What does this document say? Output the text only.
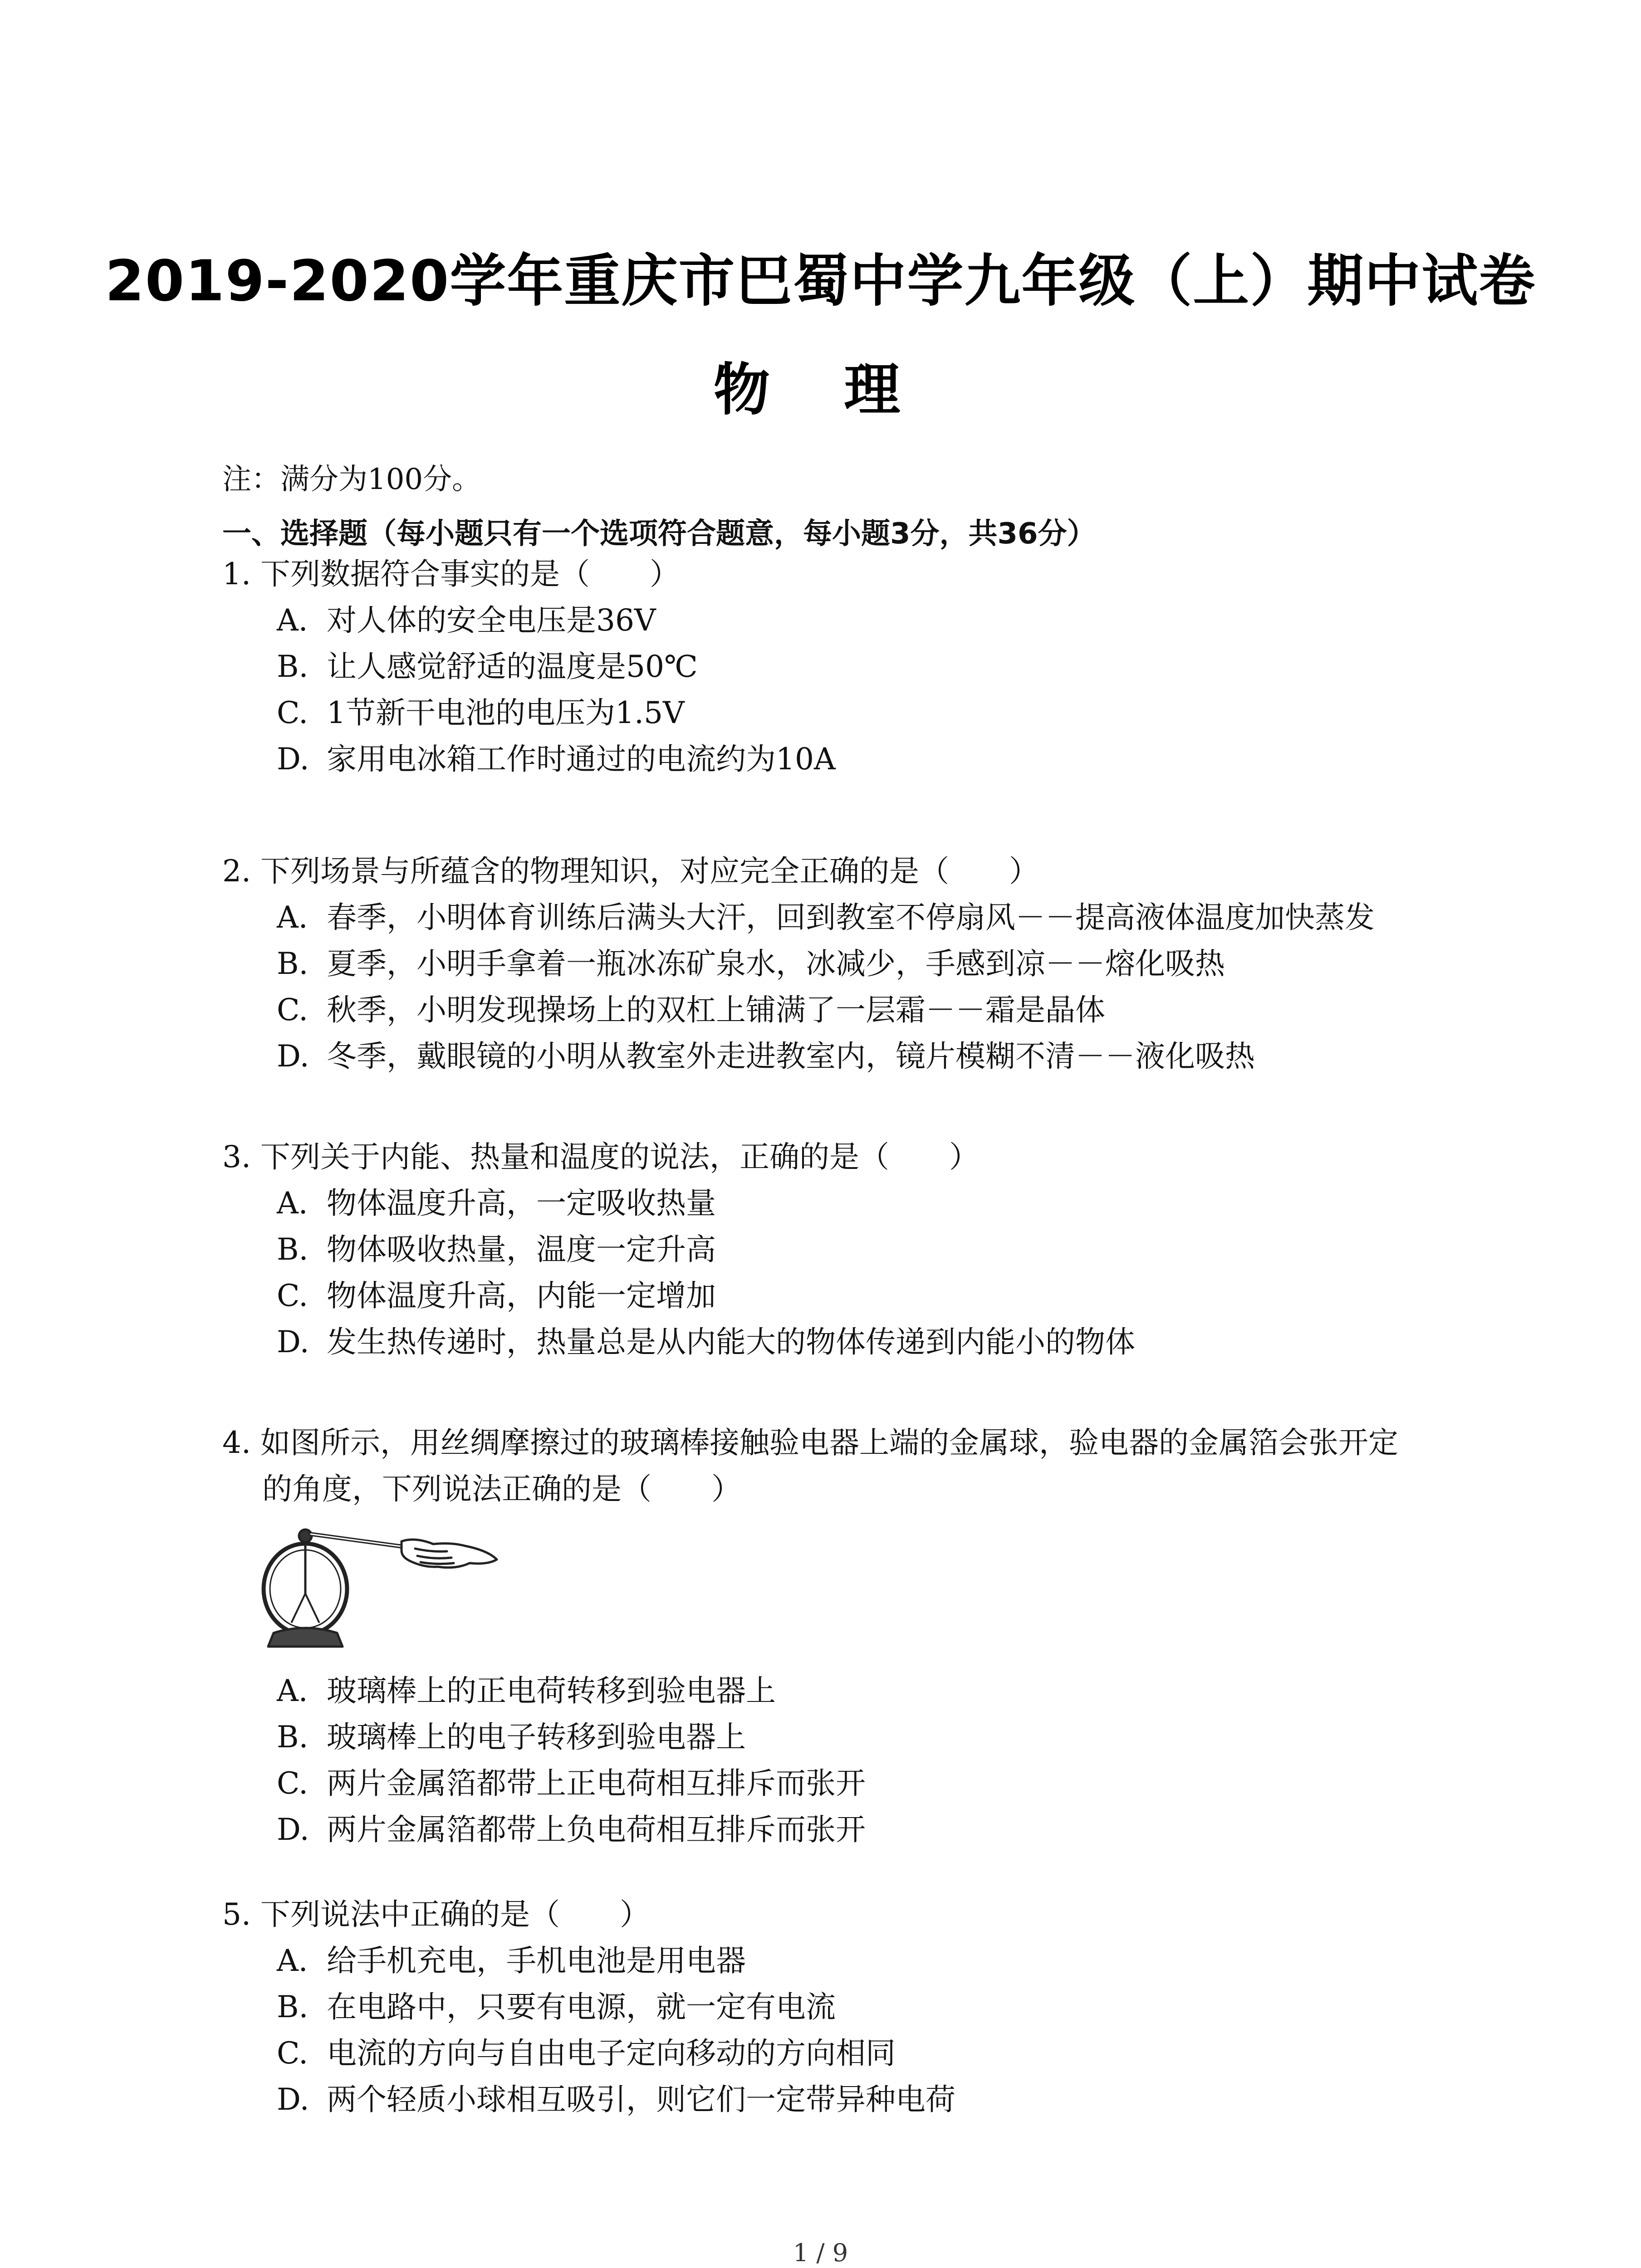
2019-2020学年重庆市巴蜀中学九年级（上）期中试卷
物 理
注：满分为100分。
一、选择题（每小题只有一个选项符合题意，每小题3分，共36分）

1. 下列数据符合事实的是（　　）

A. 对人体的安全电压是36V

B. 让人感觉舒适的温度是50℃

C. 1节新干电池的电压为1.5V

D. 家用电冰箱工作时通过的电流约为10A

2. 下列场景与所蕴含的物理知识，对应完全正确的是（　　）

A. 春季，小明体育训练后满头大汗，回到教室不停扇风－－提高液体温度加快蒸发

B. 夏季，小明手拿着一瓶冰冻矿泉水，冰减少，手感到凉－－熔化吸热

C. 秋季，小明发现操场上的双杠上铺满了一层霜－－霜是晶体

D. 冬季，戴眼镜的小明从教室外走进教室内，镜片模糊不清－－液化吸热

3. 下列关于内能、热量和温度的说法，正确的是（　　）

A. 物体温度升高，一定吸收热量

B. 物体吸收热量，温度一定升高

C. 物体温度升高，内能一定增加

D. 发生热传递时，热量总是从内能大的物体传递到内能小的物体

4. 如图所示，用丝绸摩擦过的玻璃棒接触验电器上端的金属球，验电器的金属箔会张开定
的角度，下列说法正确的是（　　）

A. 玻璃棒上的正电荷转移到验电器上

B. 玻璃棒上的电子转移到验电器上

C. 两片金属箔都带上正电荷相互排斥而张开

D. 两片金属箔都带上负电荷相互排斥而张开

5. 下列说法中正确的是（　　）

A. 给手机充电，手机电池是用电器

B. 在电路中，只要有电源，就一定有电流

C. 电流的方向与自由电子定向移动的方向相同

D. 两个轻质小球相互吸引，则它们一定带异种电荷

1 / 9
